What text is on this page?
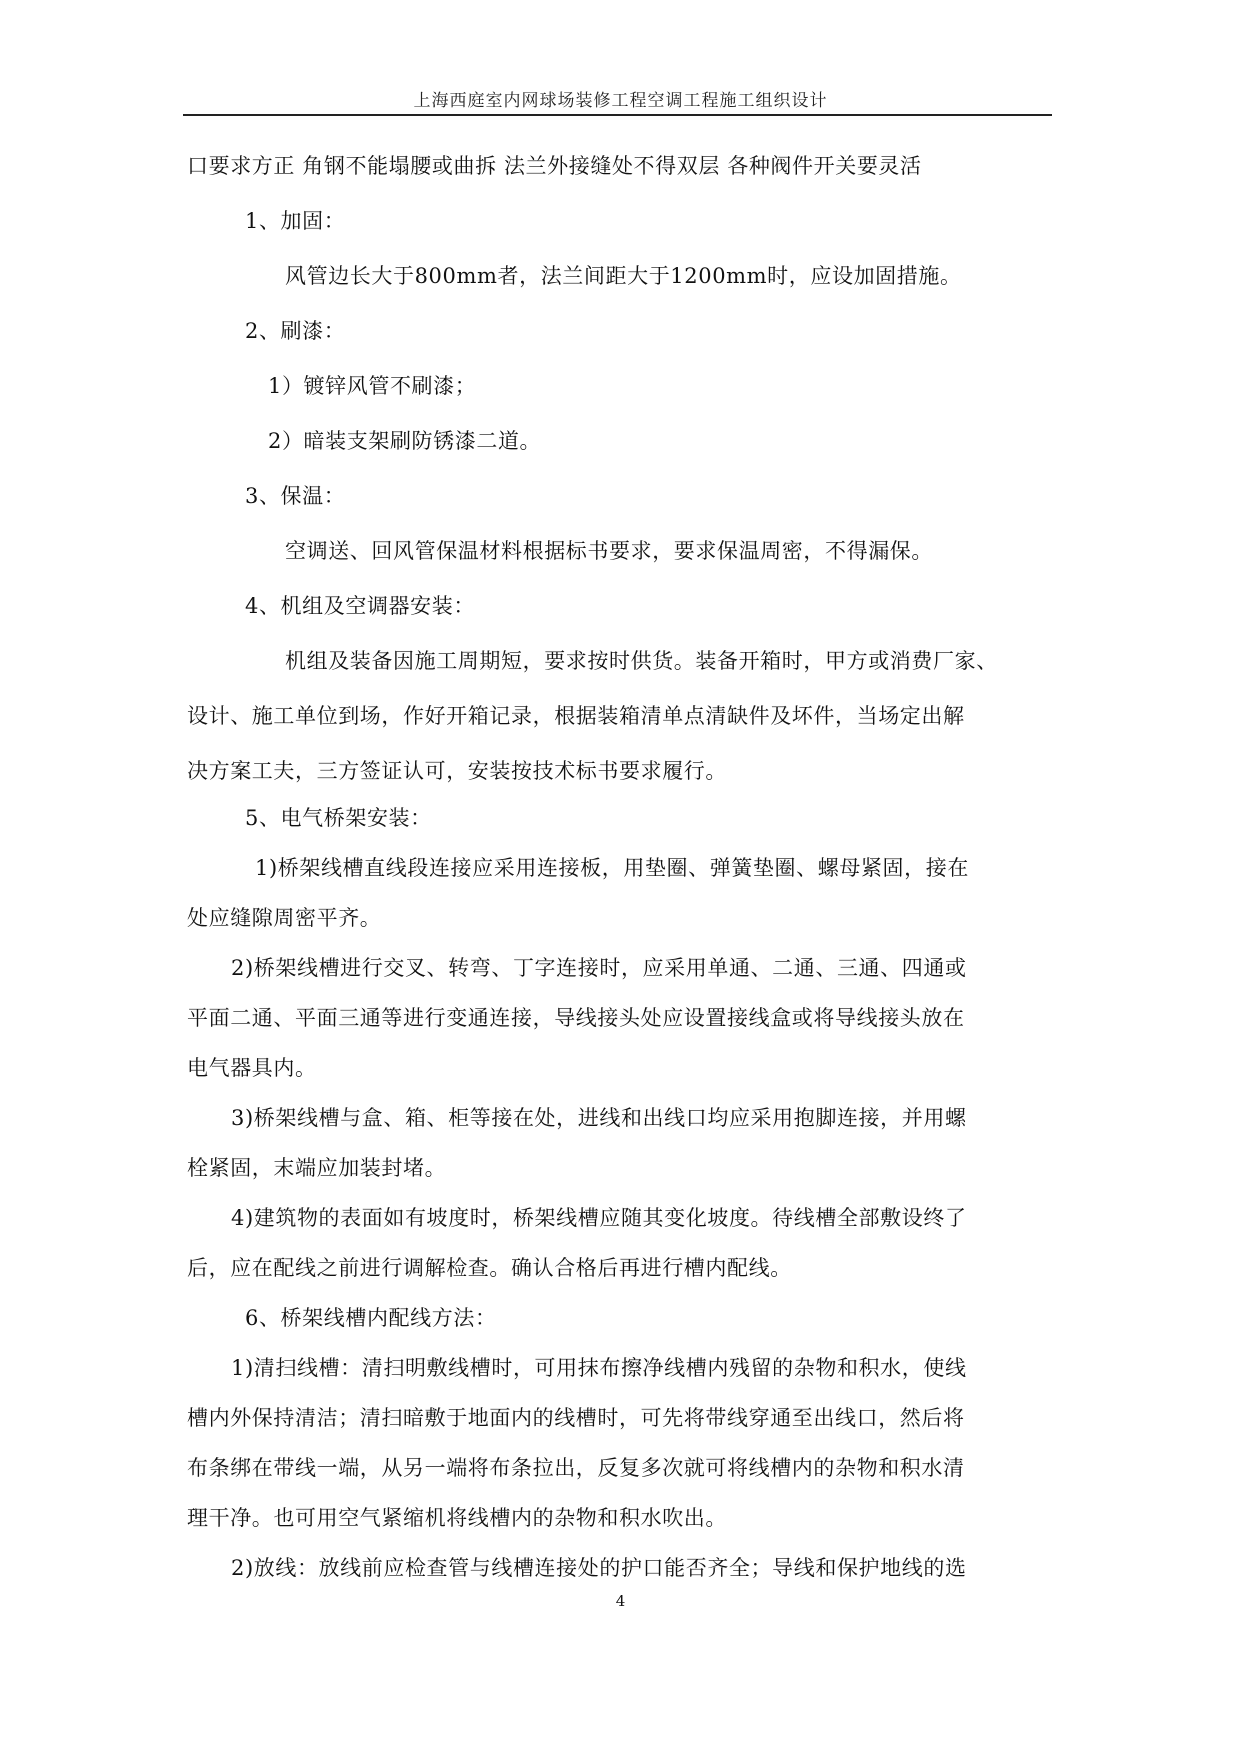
上海西庭室内网球场装修工程空调工程施工组织设计
口要求方正 角钢不能塌腰或曲拆 法兰外接缝处不得双层 各种阀件开关要灵活
1、加固：
风管边长大于800mm者，法兰间距大于1200mm时，应设加固措施。
2、刷漆：
1）镀锌风管不刷漆；
2）暗装支架刷防锈漆二道。
3、保温：
空调送、回风管保温材料根据标书要求，要求保温周密，不得漏保。
4、机组及空调器安装：
机组及装备因施工周期短，要求按时供货。装备开箱时，甲方或消费厂家、
设计、施工单位到场，作好开箱记录，根据装箱清单点清缺件及坏件，当场定出解
决方案工夫，三方签证认可，安装按技术标书要求履行。
5、电气桥架安装：
1)桥架线槽直线段连接应采用连接板，用垫圈、弹簧垫圈、螺母紧固，接在
处应缝隙周密平齐。
2)桥架线槽进行交叉、转弯、丁字连接时，应采用单通、二通、三通、四通或
平面二通、平面三通等进行变通连接，导线接头处应设置接线盒或将导线接头放在
电气器具内。
3)桥架线槽与盒、箱、柜等接在处，进线和出线口均应采用抱脚连接，并用螺
栓紧固，末端应加装封堵。
4)建筑物的表面如有坡度时，桥架线槽应随其变化坡度。待线槽全部敷设终了
后，应在配线之前进行调解检查。确认合格后再进行槽内配线。
6、桥架线槽内配线方法：
1)清扫线槽：清扫明敷线槽时，可用抹布擦净线槽内残留的杂物和积水，使线
槽内外保持清洁；清扫暗敷于地面内的线槽时，可先将带线穿通至出线口，然后将
布条绑在带线一端，从另一端将布条拉出，反复多次就可将线槽内的杂物和积水清
理干净。也可用空气紧缩机将线槽内的杂物和积水吹出。
2)放线：放线前应检查管与线槽连接处的护口能否齐全；导线和保护地线的选
4
